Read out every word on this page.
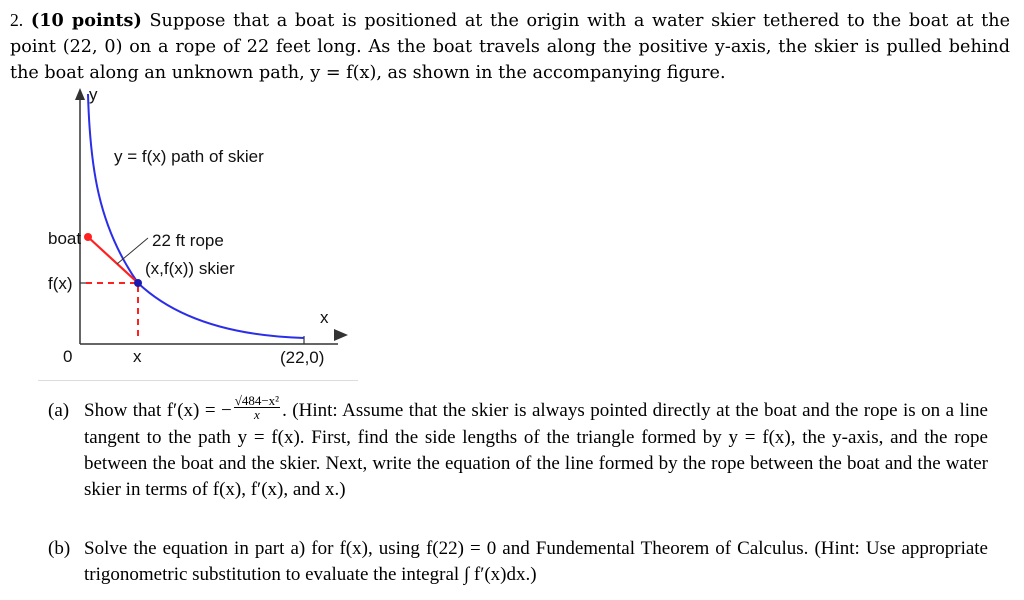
2. (10 points) Suppose that a boat is positioned at the origin with a water skier tethered to the boat at the point (22, 0) on a rope of 22 feet long. As the boat travels along the positive y-axis, the skier is pulled behind the boat along an unknown path, y = f(x), as shown in the accompanying figure.
y
y = f(x) path of skier
boat	22 ft rope
(x,f(x)) skier
f(x)
x
0	x	(22,0)
(a) Show that f′(x) = − $\frac{\text{√484−x²}}{x}$ . (Hint: Assume that the skier is always pointed directly at the boat and the rope is on a line tangent to the path y = f(x). First, find the side lengths of the triangle formed by y = f(x), the y-axis, and the rope between the boat and the skier. Next, write the equation of the line formed by the rope between the boat and the water skier in terms of f(x), f′(x), and x.)
(b) Solve the equation in part a) for f(x), using f(22) = 0 and Fundemental Theorem of Calculus. (Hint: Use appropriate trigonometric substitution to evaluate the integral ∫ f′(x)dx.)
